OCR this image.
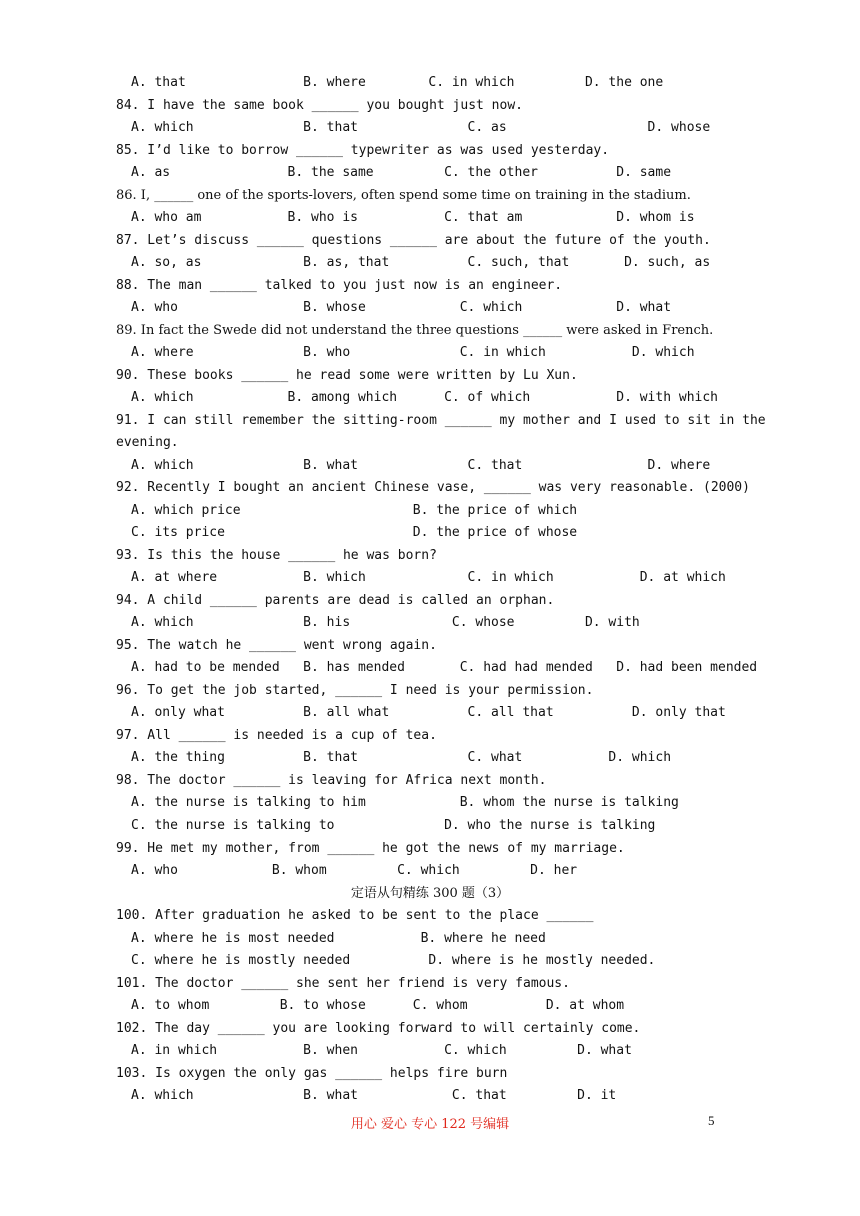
A. that               B. where        C. in which         D. the one
84. I have the same book ______ you bought just now.
A. which              B. that              C. as                  D. whose
85. I’d like to borrow ______ typewriter as was used yesterday.
A. as               B. the same         C. the other          D. same
86. I, ______ one of the sports-lovers, often spend some time on training in the stadium.
A. who am           B. who is           C. that am            D. whom is
87. Let’s discuss ______ questions ______ are about the future of the youth.
A. so, as             B. as, that          C. such, that       D. such, as
88. The man ______ talked to you just now is an engineer.
A. who                B. whose            C. which            D. what
89. In fact the Swede did not understand the three questions ______ were asked in French.
A. where              B. who              C. in which           D. which
90. These books ______ he read some were written by Lu Xun.
A. which            B. among which      C. of which           D. with which
91. I can still remember the sitting-room ______ my mother and I used to sit in the
evening.
A. which              B. what              C. that                D. where
92. Recently I bought an ancient Chinese vase, ______ was very reasonable. (2000)
A. which price                      B. the price of which
C. its price                        D. the price of whose
93. Is this the house ______ he was born?
A. at where           B. which             C. in which           D. at which
94. A child ______ parents are dead is called an orphan.
A. which              B. his             C. whose         D. with
95. The watch he ______ went wrong again.
A. had to be mended   B. has mended       C. had had mended   D. had been mended
96. To get the job started, ______ I need is your permission.
A. only what          B. all what          C. all that          D. only that
97. All ______ is needed is a cup of tea.
A. the thing          B. that              C. what           D. which
98. The doctor ______ is leaving for Africa next month.
A. the nurse is talking to him            B. whom the nurse is talking
C. the nurse is talking to              D. who the nurse is talking
99. He met my mother, from ______ he got the news of my marriage.
A. who            B. whom         C. which         D. her
定语从句精练 300 题（3）
100. After graduation he asked to be sent to the place ______
A. where he is most needed           B. where he need
C. where he is mostly needed          D. where is he mostly needed.
101. The doctor ______ she sent her friend is very famous.
A. to whom         B. to whose      C. whom          D. at whom
102. The day ______ you are looking forward to will certainly come.
A. in which           B. when           C. which         D. what
103. Is oxygen the only gas ______ helps fire burn
A. which              B. what            C. that         D. it
用心 爱心 专心 122 号编辑	5
